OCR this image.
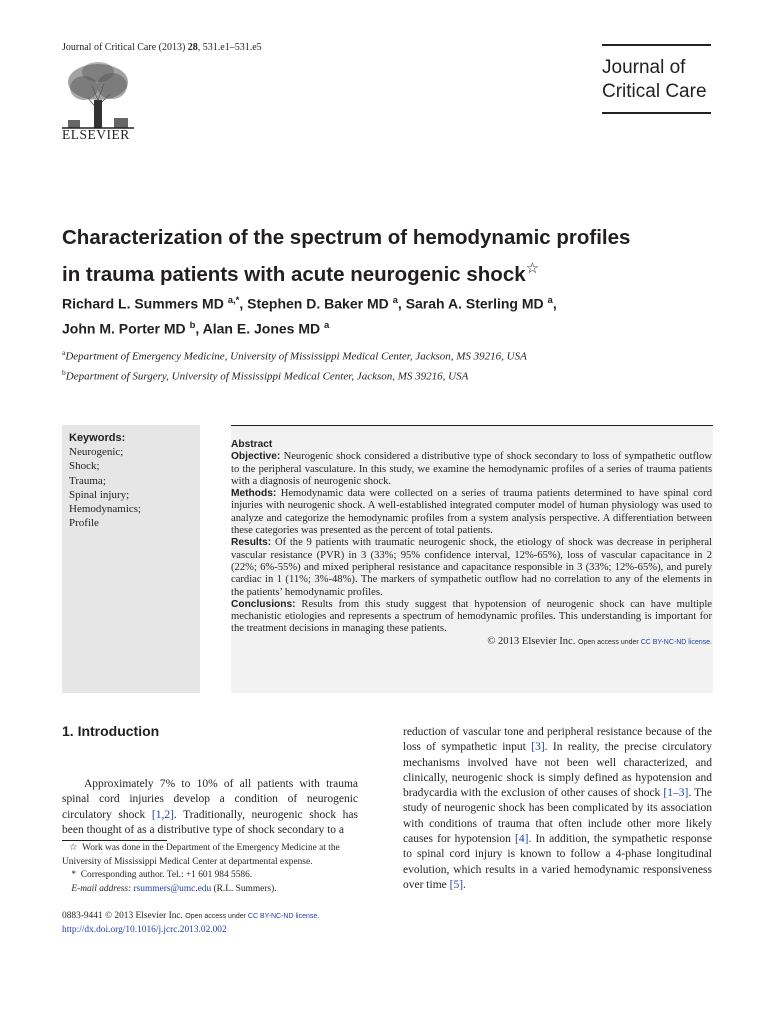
Journal of Critical Care (2013) 28, 531.e1–531.e5
ELSEVIER
Journal of
Critical Care
Characterization of the spectrum of hemodynamic profiles
in trauma patients with acute neurogenic shock☆
Richard L. Summers MD $^{a,*}$, Stephen D. Baker MD $^a$, Sarah A. Sterling MD $^a$,
John M. Porter MD $^b$, Alan E. Jones MD $^a$
$^a$Department of Emergency Medicine, University of Mississippi Medical Center, Jackson, MS 39216, USA
$^b$Department of Surgery, University of Mississippi Medical Center, Jackson, MS 39216, USA
Keywords:
Neurogenic;
Shock;
Trauma;
Spinal injury;
Hemodynamics;
Profile

Abstract

Objective: Neurogenic shock considered a distributive type of shock secondary to loss of sympathetic outflow to the peripheral vasculature. In this study, we examine the hemodynamic profiles of a series of trauma patients with a diagnosis of neurogenic shock.

Methods: Hemodynamic data were collected on a series of trauma patients determined to have spinal cord injuries with neurogenic shock. A well-established integrated computer model of human physiology was used to analyze and categorize the hemodynamic profiles from a system analysis perspective. A differentiation between these categories was presented as the percent of total patients.

Results: Of the 9 patients with traumatic neurogenic shock, the etiology of shock was decrease in peripheral vascular resistance (PVR) in 3 (33%; 95% confidence interval, 12%-65%), loss of vascular capacitance in 2 (22%; 6%-55%) and mixed peripheral resistance and capacitance responsible in 3 (33%; 12%-65%), and purely cardiac in 1 (11%; 3%-48%). The markers of sympathetic outflow had no correlation to any of the elements in the patients’ hemodynamic profiles.

Conclusions: Results from this study suggest that hypotension of neurogenic shock can have multiple mechanistic etiologies and represents a spectrum of hemodynamic profiles. This understanding is important for the treatment decisions in managing these patients.

© 2013 Elsevier Inc. Open access under CC BY-NC-ND license.

1. Introduction

Approximately 7% to 10% of all patients with trauma spinal cord injuries develop a condition of neurogenic circulatory shock [1,2]. Traditionally, neurogenic shock has been thought of as a distributive type of shock secondary to a

reduction of vascular tone and peripheral resistance because of the loss of sympathetic input [3]. In reality, the precise circulatory mechanisms involved have not been well characterized, and clinically, neurogenic shock is simply defined as hypotension and bradycardia with the exclusion of other causes of shock [1–3]. The study of neurogenic shock has been complicated by its association with conditions of trauma that often include other more likely causes for hypotension [4]. In addition, the sympathetic response to spinal cord injury is known to follow a 4-phase longitudinal evolution, which results in a varied hemodynamic responsiveness over time [5].

☆ Work was done in the Department of the Emergency Medicine at the University of Mississippi Medical Center at departmental expense.

*  Corresponding author. Tel.: +1 601 984 5586.

E-mail address: rsummers@umc.edu (R.L. Summers).

0883-9441 © 2013 Elsevier Inc. Open access under CC BY-NC-ND license.

http://dx.doi.org/10.1016/j.jcrc.2013.02.002
